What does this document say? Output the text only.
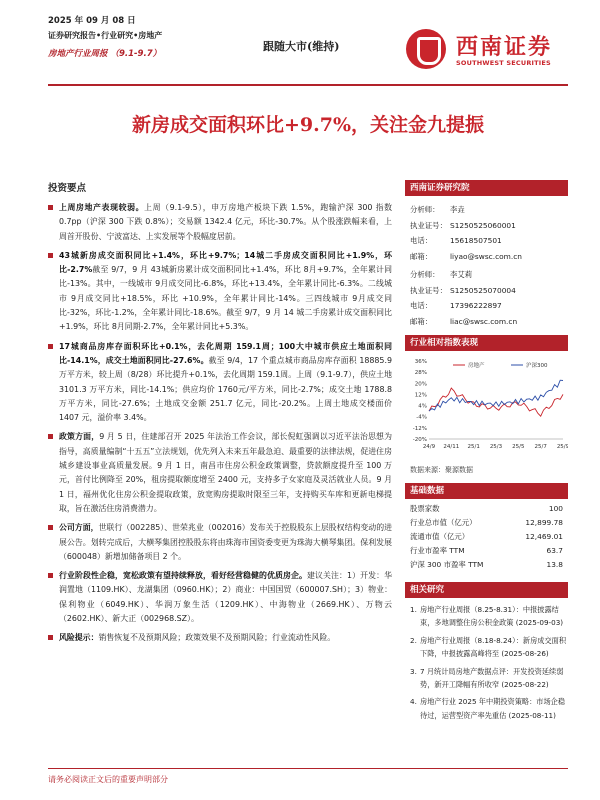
2025 年 09 月 08 日
证券研究报告•行业研究•房地产
房地产行业周报 （9.1-9.7）
跟随大市(维持)	西南证券
SOUTHWEST SECURITIES
新房成交面积环比+9.7%，关注金九提振
投资要点
上周房地产表现较弱。上周（9.1-9.5），申万房地产板块下跌 1.5%，跑输沪深 300 指数 0.7pp（沪深 300 下跌 0.8%）；交易额 1342.4 亿元，环比-30.7%。从个股涨跌幅来看，上周首开股份、宁波富达、上实发展等个股幅度居前。
43城新房成交面积同比+1.4%，环比+9.7%；14城二手房成交面积同比+1.9%，环比-2.7%截至 9/7，9 月 43城新房累计成交面积同比+1.4%，环比 8月+9.7%，全年累计同比-13%。其中，一线城市 9月成交同比-6.8%，环比+13.4%，全年累计同比-6.3%。二线城市 9月成交同比+18.5%，环比 +10.9%，全年累计同比-14%。三四线城市 9月成交同比-32%，环比-1.2%，全年累计同比-18.6%。截至 9/7，9 月 14 城二手房累计成交面积同比+1.9%，环比 8月同期-2.7%，全年累计同比+5.3%。
17城商品房库存面积环比+0.1%，去化周期 159.1周；100大中城市供应土地面积同比-14.1%，成交土地面积同比-27.6%。截至 9/4，17 个重点城市商品房库存面积 18885.9 万平方米，较上周（8/28）环比提升+0.1%，去化周期 159.1周。上周（9.1-9.7），供应土地 3101.3 万平方米，同比-14.1%；供应均价 1760元/平方米，同比-2.7%；成交土地 1788.8 万平方米，同比-27.6%；土地成交金额 251.7 亿元，同比-20.2%。上周土地成交楼面价 1407 元，溢价率 3.4%。
政策方面，9 月 5 日，住建部召开 2025 年法治工作会议，部长倪虹强调以习近平法治思想为指导，高质量编制“十五五”立法规划，优先列入未来五年最急迫、最重要的法律法规，促进住房城乡建设事业高质量发展。9 月 1 日，南昌市住房公积金政策调整，贷款额度提升至 100 万元，首付比例降至 20%，租房提取额度增至 2400 元，支持多子女家庭及灵活就业人员。9 月 1 日，福州优化住房公积金提取政策，放宽购房提取时限至三年，支持购买车库和更新电梯提取，旨在激活住房消费潜力。
公司方面，世联行（002285）、世荣兆业（002016）发布关于控股股东上层股权结构变动的进展公告。划转完成后，大横琴集团控股股东将由珠海市国资委变更为珠海大横琴集团。保利发展（600048）新增加储备项目 2 个。
行业阶段性企稳，宽松政策有望持续释放，看好经营稳健的优质房企。建议关注：1）开发：华润置地（1109.HK）、龙湖集团（0960.HK）；2）商业：中国国贸（600007.SH）；3）物业：保利物业（6049.HK）、华润万象生活（1209.HK）、中海物业（2669.HK）、万物云（2602.HK）、新大正（002968.SZ）。
风险提示：销售恢复不及预期风险；政策效果不及预期风险；行业流动性风险。
西南证券研究院
分析师： 李垚
执业证号： S1250525060001
电话： 15618507501
邮箱： liyao@swsc.com.cn
分析师： 李艾莉
执业证号： S1250525070004
电话： 17396222897
邮箱： liac@swsc.com.cn
行业相对指数表现
36%
28%
20%
12%
4%
-4%
-12%
-20%
24/9 24/11 25/1 25/3 25/5 25/7 25/9
房地产	沪深300
数据来源：聚源数据
基础数据
股票家数	100
行业总市值（亿元）	12,899.78
流通市值（亿元）	12,469.01
行业市盈率 TTM	63.7
沪深 300 市盈率 TTM	13.8
相关研究
1. 房地产行业周报（8.25-8.31）：中报披露结束，多地调整住房公积金政策 (2025-09-03)
2. 房地产行业周报（8.18-8.24）：新房成交面积下降，中报披露高峰将至 (2025-08-26)
3. 7 月统计局房地产数据点评：开发投资延续弱势，新开工降幅有所收窄 (2025-08-22)
4. 房地产行业 2025 年中期投资策略：市场企稳待过，运营型资产率先重估 (2025-08-11)
请务必阅读正文后的重要声明部分
